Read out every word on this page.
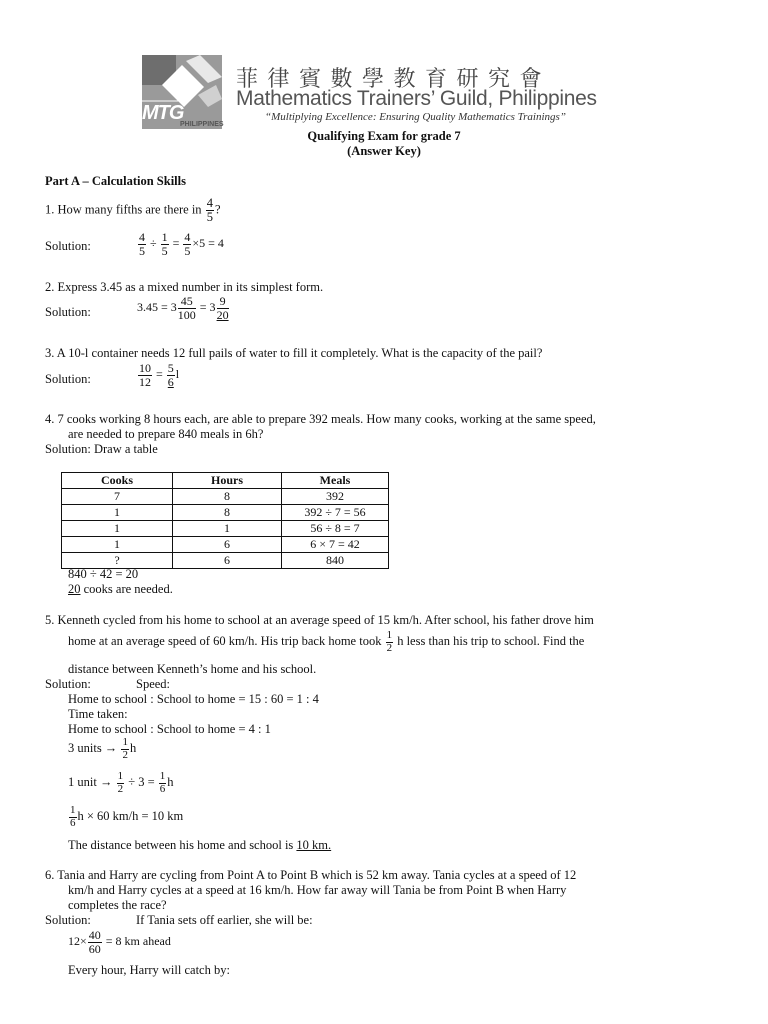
MTG
PHILIPPINES
菲 律 賓 數 學 教 育 研 究 會
Mathematics Trainers’ Guild, Philippines
“Multiplying Excellence: Ensuring Quality Mathematics Trainings”
Qualifying Exam for grade 7
(Answer Key)
Part A – Calculation Skills
1. How many fifths are there in $\frac{4}{5}$ ?
Solution:	$\frac{4}{5} \div \frac{1}{5} = \frac{4}{5} \times 5 = 4$
2. Express 3.45 as a mixed number in its simplest form.
Solution:	$3.45 = 3 \frac{45}{100} = 3 \frac{9}{20}$
3. A 10-l container needs 12 full pails of water to fill it completely. What is the capacity of the pail?
Solution:	$\frac{10}{12} = \frac{5}{6}$ l
4. 7 cooks working 8 hours each, are able to prepare 392 meals. How many cooks, working at the same speed,
are needed to prepare 840 meals in 6h?
Solution: Draw a table
Cooks	Hours	Meals
7	8	392
1	8	392 ÷ 7 = 56
1	1	56 ÷ 8 = 7
1	6	6 × 7 = 42
?	6	840
840 ÷ 42 = 20
20 cooks are needed.
5. Kenneth cycled from his home to school at an average speed of 15 km/h. After school, his father drove him
home at an average speed of 60 km/h. His trip back home took $\frac{1}{2}$ h less than his trip to school. Find the
distance between Kenneth’s home and his school.
Solution:	Speed:
Home to school : School to home = 15 : 60 = 1 : 4
Time taken:
Home to school : School to home = 4 : 1
3 units → $\frac{1}{2}$ h
1 unit → $\frac{1}{2} \div 3 = \frac{1}{6}$ h
$\frac{1}{6}$ h × 60 km/h = 10 km
The distance between his home and school is 10 km.
6. Tania and Harry are cycling from Point A to Point B which is 52 km away. Tania cycles at a speed of 12
km/h and Harry cycles at a speed at 16 km/h. How far away will Tania be from Point B when Harry
completes the race?
Solution:	If Tania sets off earlier, she will be:
$12\times \frac{40}{60} = 8$ km ahead
Every hour, Harry will catch by:
